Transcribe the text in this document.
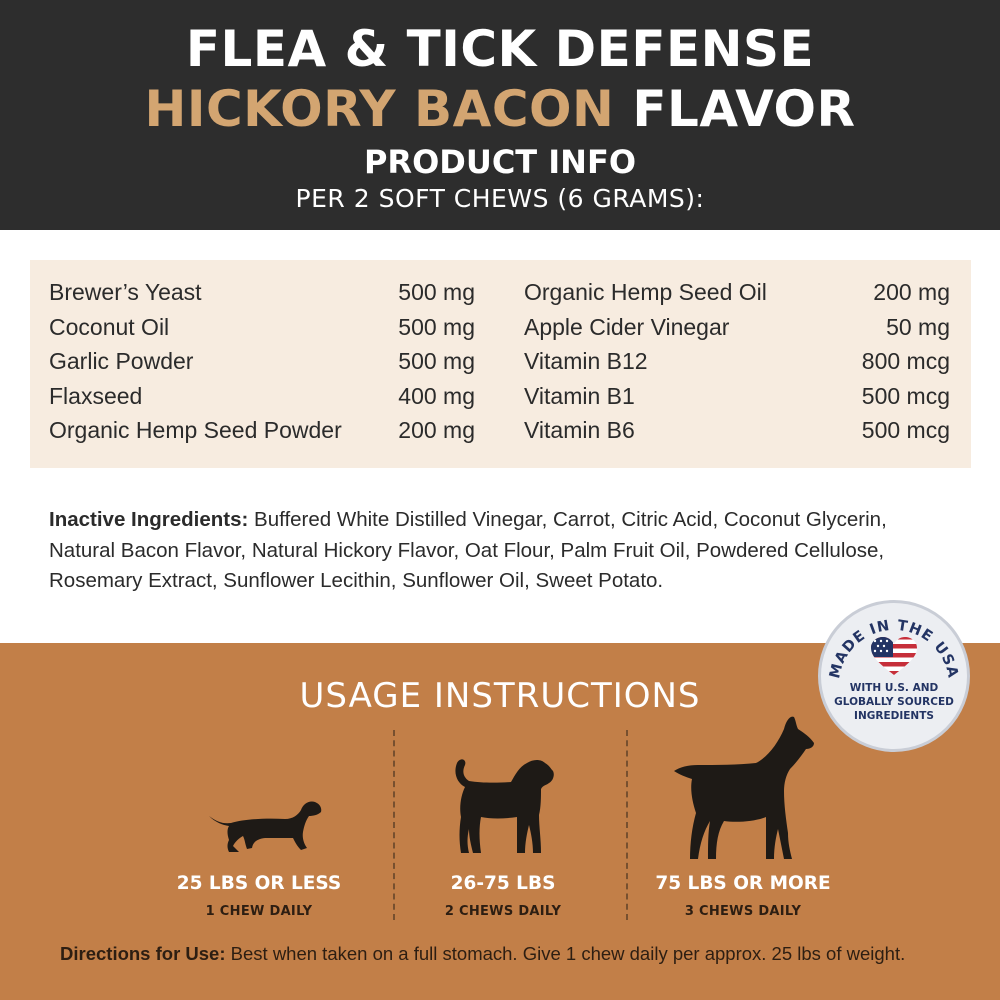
FLEA & TICK DEFENSE
HICKORY BACON FLAVOR
PRODUCT INFO
PER 2 SOFT CHEWS (6 GRAMS):
Brewer’s Yeast	500 mg
Coconut Oil	500 mg
Garlic Powder	500 mg
Flaxseed	400 mg
Organic Hemp Seed Powder 200 mg
Organic Hemp Seed Oil	200 mg
Apple Cider Vinegar	50 mg
Vitamin B12	800 mcg
Vitamin B1	500 mcg
Vitamin B6	500 mcg
Inactive Ingredients: Buffered White Distilled Vinegar, Carrot, Citric Acid, Coconut Glycerin, Natural Bacon Flavor, Natural Hickory Flavor, Oat Flour, Palm Fruit Oil, Powdered Cellulose, Rosemary Extract, Sunflower Lecithin, Sunflower Oil, Sweet Potato.
USAGE INSTRUCTIONS
25 LBS OR LESS
1 CHEW DAILY
26-75 LBS
2 CHEWS DAILY
75 LBS OR MORE
3 CHEWS DAILY
Directions for Use: Best when taken on a full stomach. Give 1 chew daily per approx. 25 lbs of weight.
MADE IN THE USA
WITH U.S. AND
GLOBALLY SOURCED
INGREDIENTS
